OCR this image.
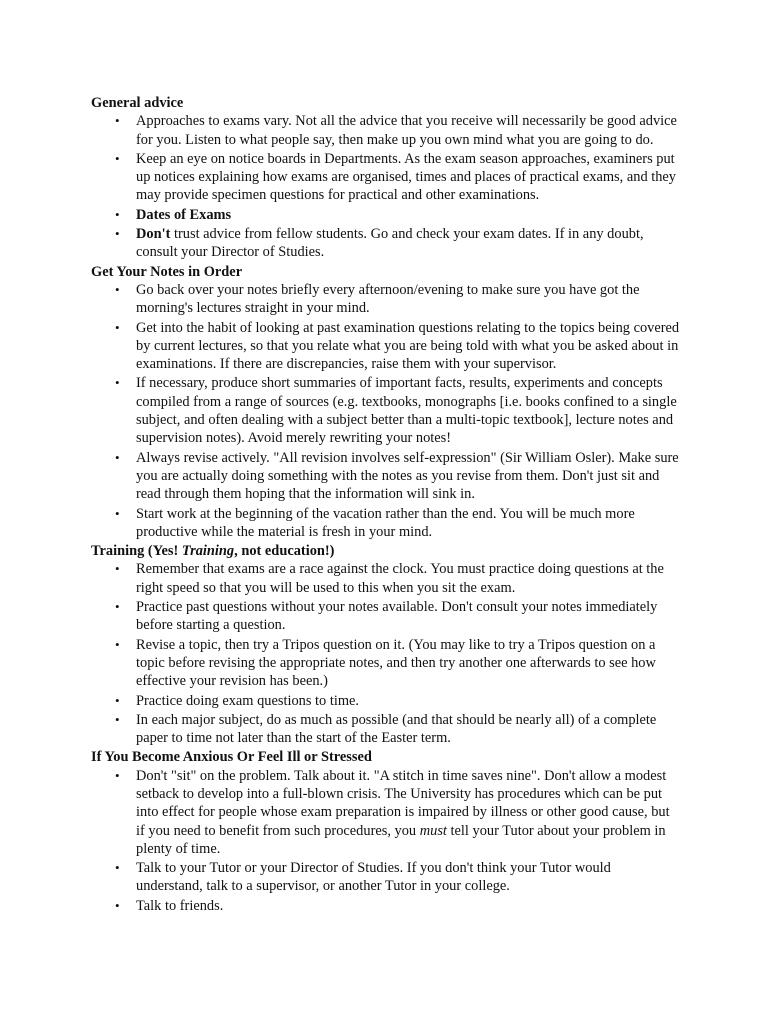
General advice

• Approaches to exams vary. Not all the advice that you receive will necessarily be good advice for you. Listen to what people say, then make up you own mind what you are going to do.
• Keep an eye on notice boards in Departments. As the exam season approaches, examiners put up notices explaining how exams are organised, times and places of practical exams, and they may provide specimen questions for practical and other examinations.
• Dates of Exams
• Don't trust advice from fellow students. Go and check your exam dates. If in any doubt, consult your Director of Studies.

Get Your Notes in Order

• Go back over your notes briefly every afternoon/evening to make sure you have got the morning's lectures straight in your mind.
• Get into the habit of looking at past examination questions relating to the topics being covered by current lectures, so that you relate what you are being told with what you be asked about in examinations. If there are discrepancies, raise them with your supervisor.
• If necessary, produce short summaries of important facts, results, experiments and concepts compiled from a range of sources (e.g. textbooks, monographs [i.e. books confined to a single subject, and often dealing with a subject better than a multi-topic textbook], lecture notes and supervision notes). Avoid merely rewriting your notes!
• Always revise actively. "All revision involves self-expression" (Sir William Osler). Make sure you are actually doing something with the notes as you revise from them. Don't just sit and read through them hoping that the information will sink in.
• Start work at the beginning of the vacation rather than the end. You will be much more productive while the material is fresh in your mind.

Training (Yes! Training, not education!)

• Remember that exams are a race against the clock. You must practice doing questions at the right speed so that you will be used to this when you sit the exam.
• Practice past questions without your notes available. Don't consult your notes immediately before starting a question.
• Revise a topic, then try a Tripos question on it. (You may like to try a Tripos question on a topic before revising the appropriate notes, and then try another one afterwards to see how effective your revision has been.)
• Practice doing exam questions to time.
• In each major subject, do as much as possible (and that should be nearly all) of a complete paper to time not later than the start of the Easter term.

If You Become Anxious Or Feel Ill or Stressed

• Don't "sit" on the problem. Talk about it. "A stitch in time saves nine". Don't allow a modest setback to develop into a full-blown crisis. The University has procedures which can be put into effect for people whose exam preparation is impaired by illness or other good cause, but if you need to benefit from such procedures, you must tell your Tutor about your problem in plenty of time.
• Talk to your Tutor or your Director of Studies. If you don't think your Tutor would understand, talk to a supervisor, or another Tutor in your college.
• Talk to friends.
